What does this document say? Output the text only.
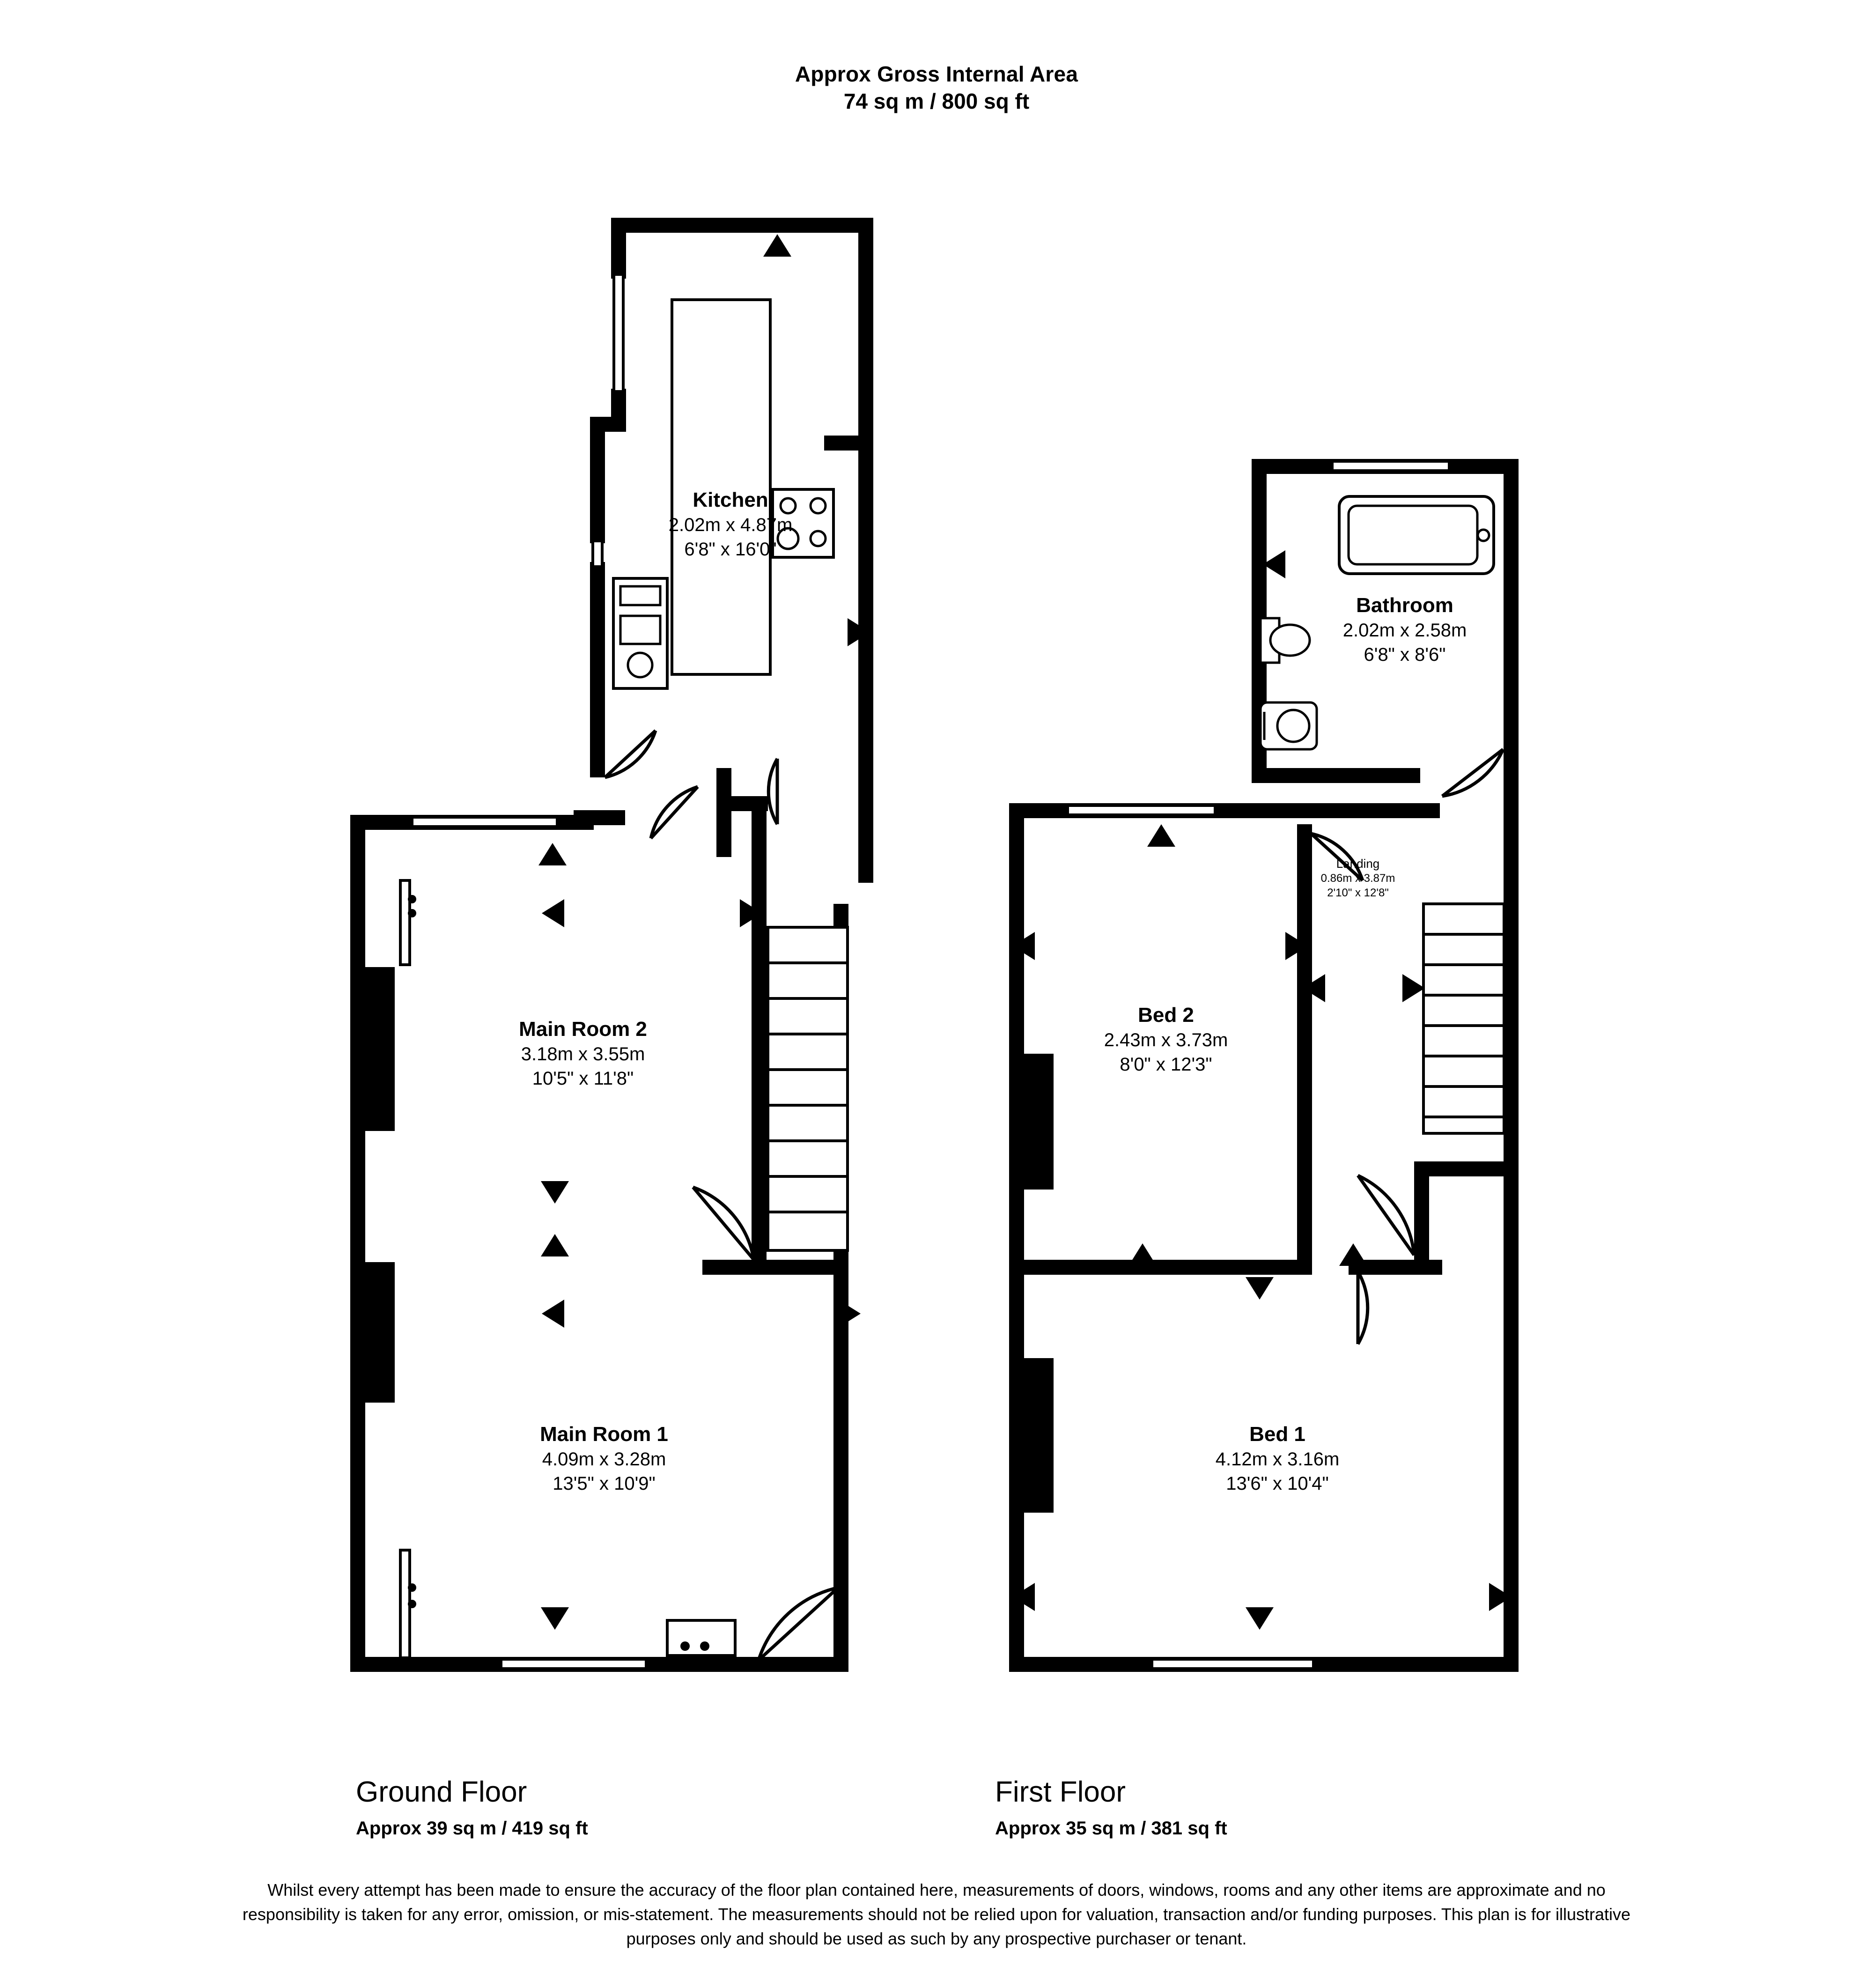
Approx Gross Internal Area
74 sq m / 800 sq ft
Kitchen
2.02m x 4.87m
6'8" x 16'0"
Main Room 2
3.18m x 3.55m
10'5" x 11'8"
Main Room 1
4.09m x 3.28m
13'5" x 10'9"
Bathroom
2.02m x 2.58m
6'8" x 8'6"
Landing
0.86m x 3.87m
2'10" x 12'8"
Bed 2
2.43m x 3.73m
8'0" x 12'3"
Bed 1
4.12m x 3.16m
13'6" x 10'4"
Ground Floor
Approx 39 sq m / 419 sq ft
First Floor
Approx 35 sq m / 381 sq ft
Whilst every attempt has been made to ensure the accuracy of the floor plan contained here, measurements of doors, windows, rooms and any other items are approximate and no responsibility is taken for any error, omission, or mis-statement. The measurements should not be relied upon for valuation, transaction and/or funding purposes. This plan is for illustrative purposes only and should be used as such by any prospective purchaser or tenant.
